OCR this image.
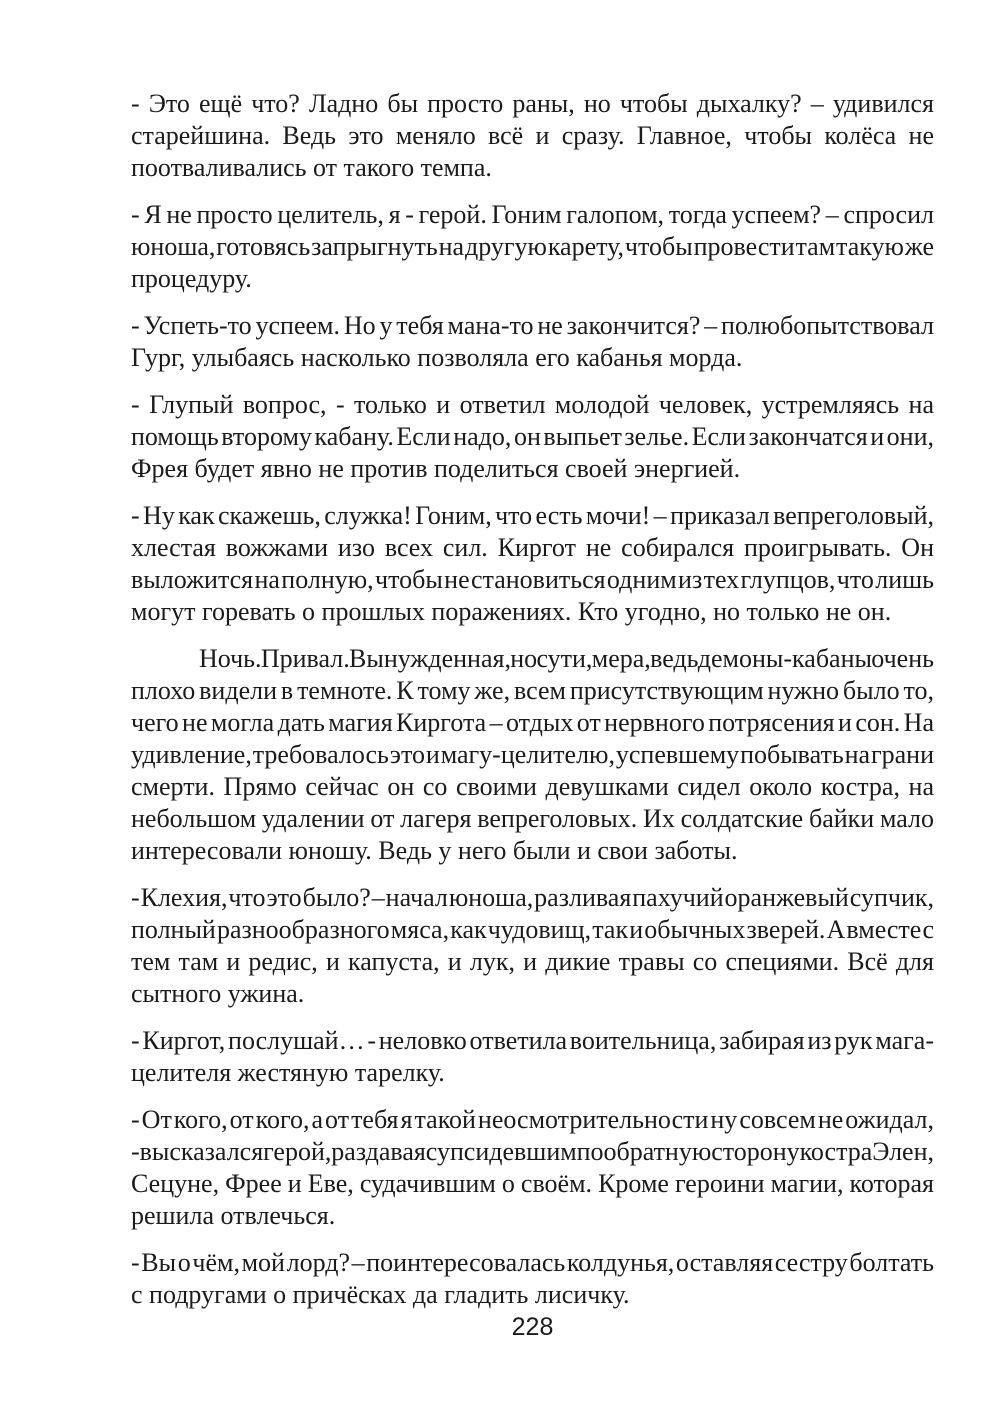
- Это ещё что? Ладно бы просто раны, но чтобы дыхалку? – удивился
старейшина. Ведь это меняло всё и сразу. Главное, чтобы колёса не
поотваливались от такого темпа.
- Я не просто целитель, я - герой. Гоним галопом, тогда успеем? – спросил
юноша, готовясь запрыгнуть на другую карету, чтобы провести там такую же
процедуру.
- Успеть-то успеем. Но у тебя мана-то не закончится? – полюбопытствовал
Гург, улыбаясь насколько позволяла его кабанья морда.
- Глупый вопрос, - только и ответил молодой человек, устремляясь на
помощь второму кабану. Если надо, он выпьет зелье. Если закончатся и они,
Фрея будет явно не против поделиться своей энергией.
- Ну как скажешь, служка! Гоним, что есть мочи! – приказал вепреголовый,
хлестая вожжами изо всех сил. Киргот не собирался проигрывать. Он
выложится на полную, чтобы не становиться одним из тех глупцов, что лишь
могут горевать о прошлых поражениях. Кто угодно, но только не он.
Ночь. Привал. Вынужденная, но сути, мера, ведь демоны-кабаны очень
плохо видели в темноте. К тому же, всем присутствующим нужно было то,
чего не могла дать магия Киргота – отдых от нервного потрясения и сон. На
удивление, требовалось это и магу-целителю, успевшему побывать на грани
смерти. Прямо сейчас он со своими девушками сидел около костра, на
небольшом удалении от лагеря вепреголовых. Их солдатские байки мало
интересовали юношу. Ведь у него были и свои заботы.
- Клехия, что это было? – начал юноша, разливая пахучий оранжевый супчик,
полный разнообразного мяса, как чудовищ, так и обычных зверей. А вместе с
тем там и редис, и капуста, и лук, и дикие травы со специями. Всё для
сытного ужина.
- Киргот, послушай… - неловко ответила воительница, забирая из рук мага-
целителя жестяную тарелку.
- От кого, от кого, а от тебя я такой неосмотрительности ну совсем не ожидал,
- высказался герой, раздавая суп сидевшим по обратную сторону костра Элен,
Сецуне, Фрее и Еве, судачившим о своём. Кроме героини магии, которая
решила отвлечься.
- Вы о чём, мой лорд? – поинтересовалась колдунья, оставляя сестру болтать
с подругами о причёсках да гладить лисичку.
228
